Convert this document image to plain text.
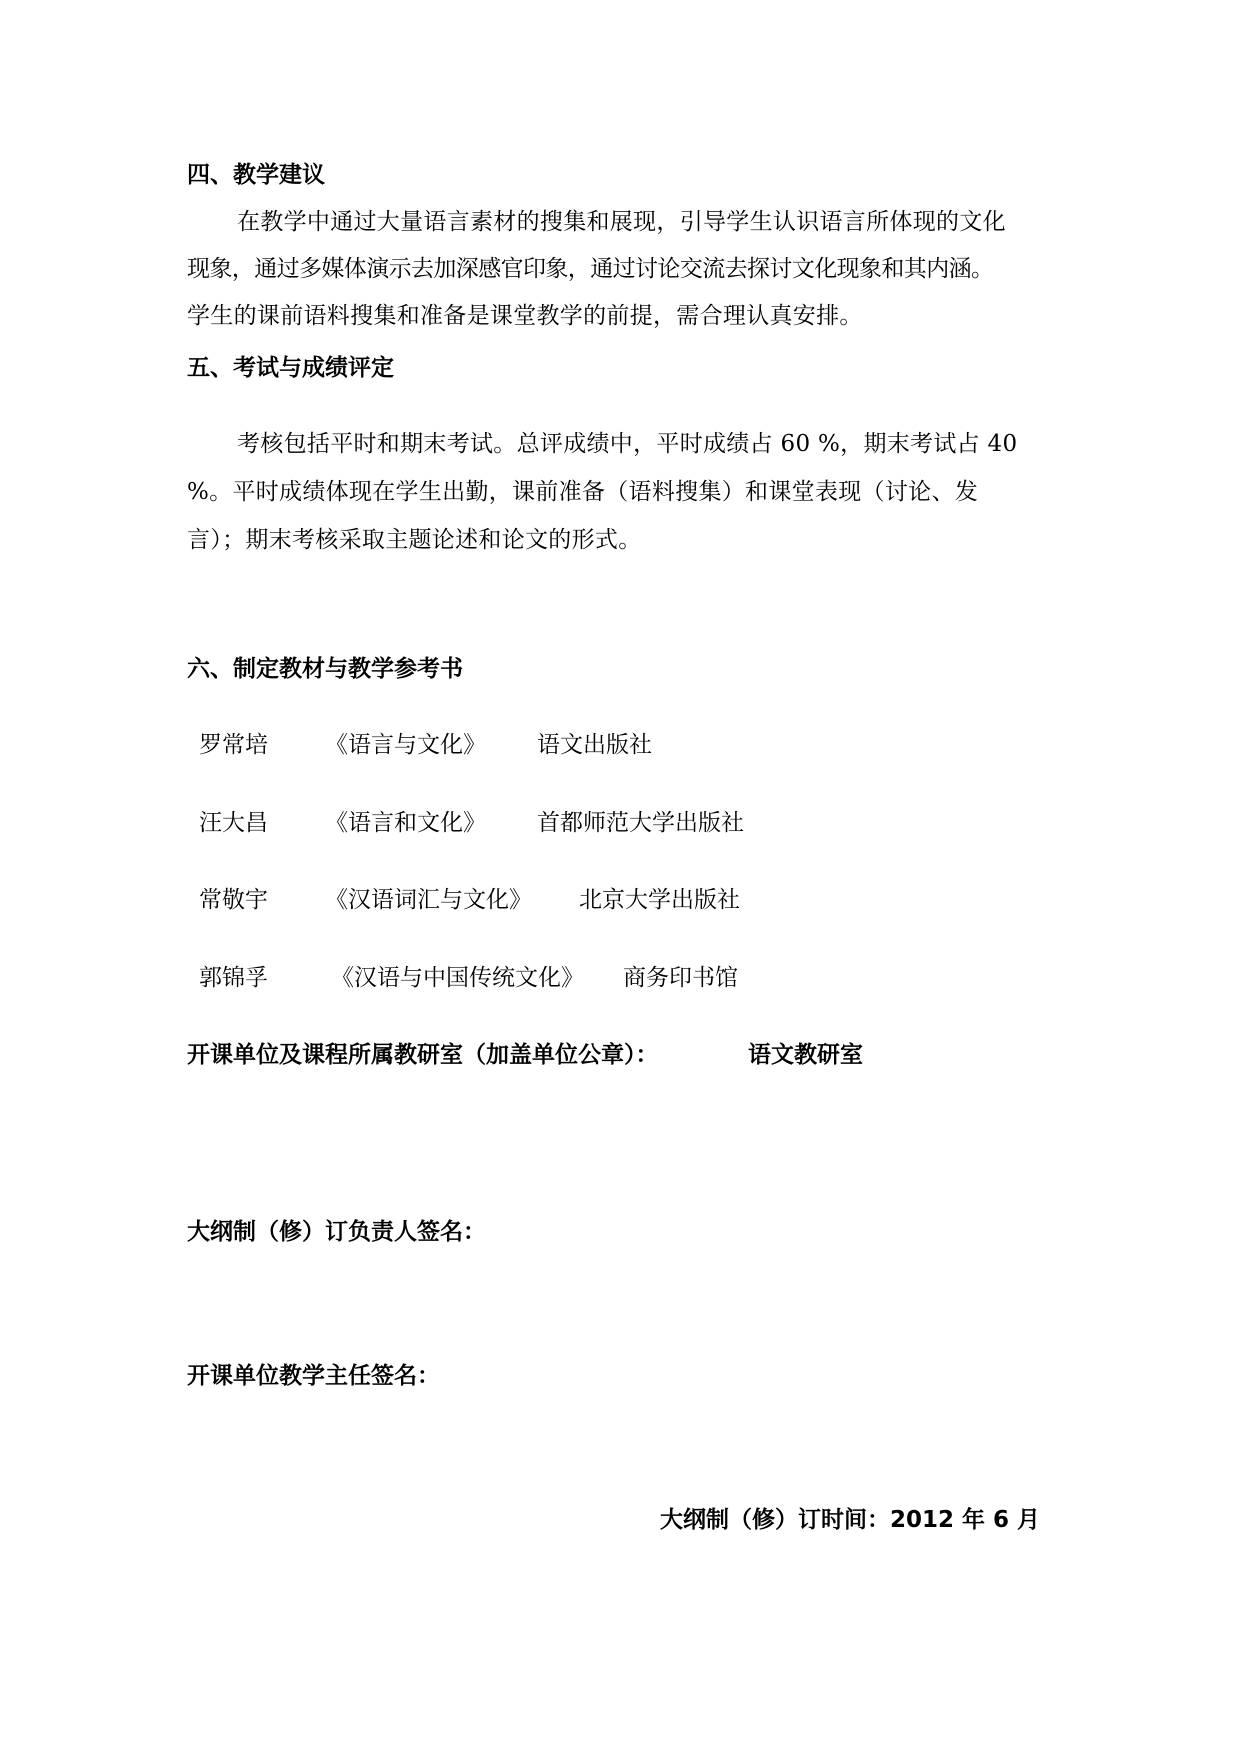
四、教学建议
在教学中通过大量语言素材的搜集和展现，引导学生认识语言所体现的文化
现象，通过多媒体演示去加深感官印象，通过讨论交流去探讨文化现象和其内涵。
学生的课前语料搜集和准备是课堂教学的前提，需合理认真安排。
五、考试与成绩评定
考核包括平时和期末考试。总评成绩中，平时成绩占 60 %，期末考试占 40
%。平时成绩体现在学生出勤，课前准备（语料搜集）和课堂表现（讨论、发
言）；期末考核采取主题论述和论文的形式。
六、制定教材与教学参考书
罗常培 《语言与文化》 语文出版社
汪大昌 《语言和文化》 首都师范大学出版社
常敬宇 《汉语词汇与文化》 北京大学出版社
郭锦孚	《汉语与中国传统文化》 商务印书馆
开课单位及课程所属教研室（加盖单位公章）：	语文教研室
大纲制（修）订负责人签名：
开课单位教学主任签名：
大纲制（修）订时间：2012 年 6 月
